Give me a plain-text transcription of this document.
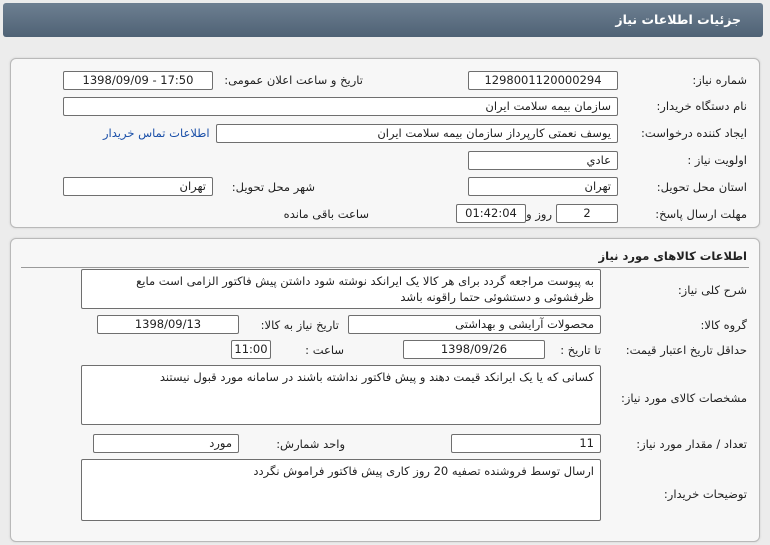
جزئیات اطلاعات نیاز
شماره نیاز:
1298001120000294
تاریخ و ساعت اعلان عمومی:
1398/09/09 - 17:50
نام دستگاه خریدار:
سازمان بیمه سلامت ایران
ایجاد کننده درخواست:
یوسف نعمتی کارپرداز سازمان بیمه سلامت ایران
اطلاعات تماس خریدار
اولویت نیاز :
عادي
استان محل تحویل:
تهران
شهر محل تحویل:
تهران
مهلت ارسال پاسخ:
2
روز و
01:42:04
ساعت باقی مانده
اطلاعات کالاهای مورد نیاز
شرح کلی نیاز:
به پیوست مراجعه گردد برای هر کالا یک ایرانکد نوشته شود داشتن پیش فاکتور الزامی است مایع ظرفشوئی و دستشوئی حتما راقونه باشد
گروه کالا:
محصولات آرایشی و بهداشتی
تاریخ نیاز به کالا:
1398/09/13
حداقل تاریخ اعتبار قیمت:
تا تاریخ :
1398/09/26
ساعت :
11:00
مشخصات کالای مورد نیاز:
کسانی که یا یک ایرانکد قیمت دهند و پیش فاکتور نداشته باشند در سامانه مورد قبول نیستند
تعداد / مقدار مورد نیاز:
11
واحد شمارش:
مورد
توضیحات خریدار:
ارسال توسط فروشنده تصفیه 20 روز کاری پیش فاکتور فراموش نگردد
